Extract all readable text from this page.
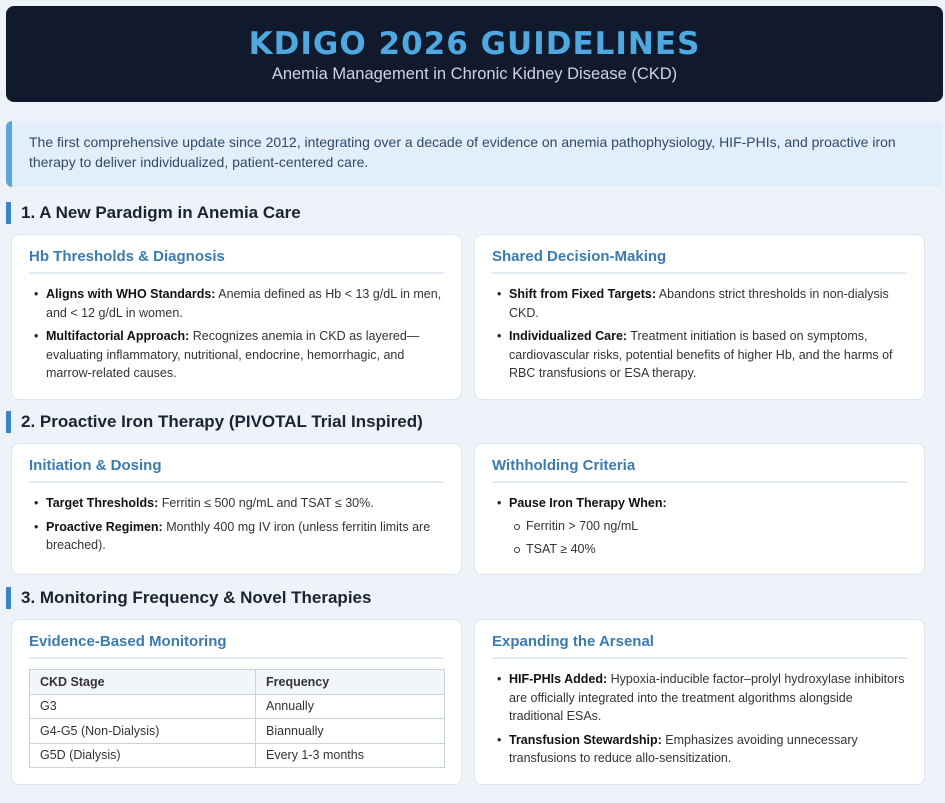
KDIGO 2026 GUIDELINES
Anemia Management in Chronic Kidney Disease (CKD)
The first comprehensive update since 2012, integrating over a decade of evidence on anemia pathophysiology, HIF-PHIs, and proactive iron therapy to deliver individualized, patient-centered care.
1. A New Paradigm in Anemia Care
Hb Thresholds & Diagnosis
• Aligns with WHO Standards: Anemia defined as Hb < 13 g/dL in men, and < 12 g/dL in women.
• Multifactorial Approach: Recognizes anemia in CKD as layered—evaluating inflammatory, nutritional, endocrine, hemorrhagic, and marrow-related causes.
Shared Decision-Making
• Shift from Fixed Targets: Abandons strict thresholds in non-dialysis CKD.
• Individualized Care: Treatment initiation is based on symptoms, cardiovascular risks, potential benefits of higher Hb, and the harms of RBC transfusions or ESA therapy.
2. Proactive Iron Therapy (PIVOTAL Trial Inspired)
Initiation & Dosing
• Target Thresholds: Ferritin ≤ 500 ng/mL and TSAT ≤ 30%.
• Proactive Regimen: Monthly 400 mg IV iron (unless ferritin limits are breached).
Withholding Criteria
• Pause Iron Therapy When:
Ferritin > 700 ng/mL
TSAT ≥ 40%
3. Monitoring Frequency & Novel Therapies
Evidence-Based Monitoring
CKD Stage	Frequency
G3	Annually
G4-G5 (Non-Dialysis)	Biannually
G5D (Dialysis)	Every 1-3 months
Expanding the Arsenal
• HIF-PHIs Added: Hypoxia-inducible factor–prolyl hydroxylase inhibitors are officially integrated into the treatment algorithms alongside traditional ESAs.
• Transfusion Stewardship: Emphasizes avoiding unnecessary transfusions to reduce allo-sensitization.
